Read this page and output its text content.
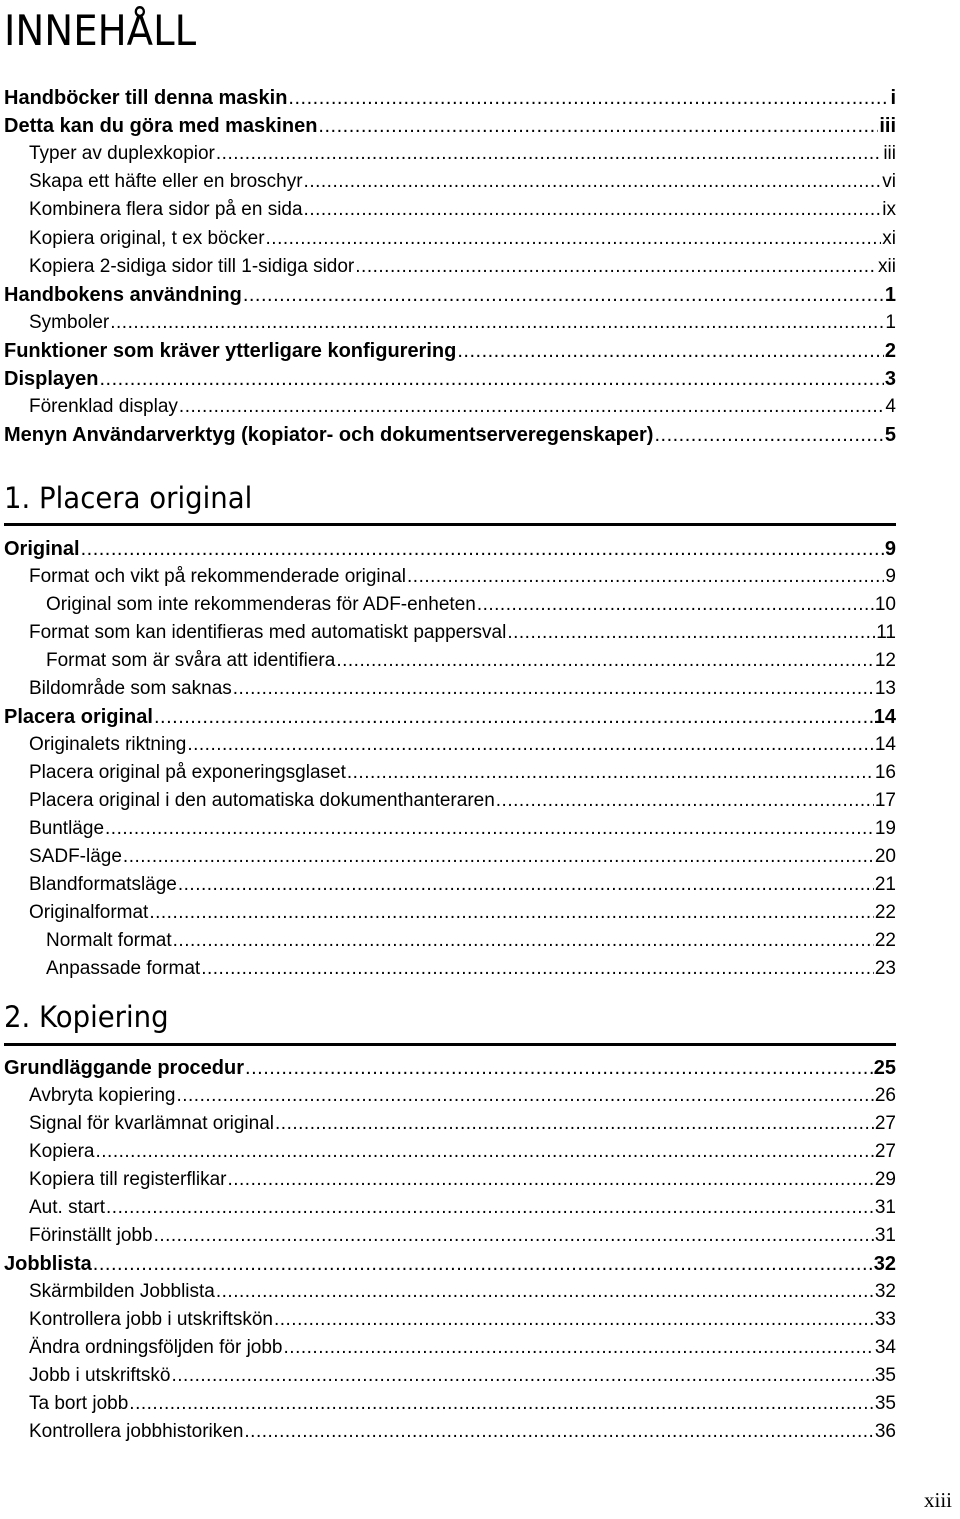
INNEHÅLL
Handböcker till denna maskin .....	i
Detta kan du göra med maskinen .....	iii
Typer av duplexkopior .....	iii
Skapa ett häfte eller en broschyr .....	vi
Kombinera flera sidor på en sida .....	ix
Kopiera original, t ex böcker .....	xi
Kopiera 2-sidiga sidor till 1-sidiga sidor .....	xii
Handbokens användning .....	1
Symboler .....	1
Funktioner som kräver ytterligare konfigurering .....	2
Displayen .....	3
Förenklad display .....	4
Menyn Användarverktyg (kopiator- och dokumentserveregenskaper) .....	5
1. Placera original
Original .....	9
Format och vikt på rekommenderade original .....	9
Original som inte rekommenderas för ADF-enheten .....	10
Format som kan identifieras med automatiskt pappersval .....	11
Format som är svåra att identifiera .....	12
Bildområde som saknas .....	13
Placera original .....	14
Originalets riktning .....	14
Placera original på exponeringsglaset .....	16
Placera original i den automatiska dokumenthanteraren .....	17
Buntläge .....	19
SADF-läge .....	20
Blandformatsläge .....	21
Originalformat .....	22
Normalt format .....	22
Anpassade format .....	23
2. Kopiering
Grundläggande procedur .....	25
Avbryta kopiering .....	26
Signal för kvarlämnat original .....	27
Kopiera .....	27
Kopiera till registerflikar .....	29
Aut. start .....	31
Förinställt jobb .....	31
Jobblista .....	32
Skärmbilden Jobblista .....	32
Kontrollera jobb i utskriftskön .....	33
Ändra ordningsföljden för jobb .....	34
Jobb i utskriftskö .....	35
Ta bort jobb .....	35
Kontrollera jobbhistoriken .....	36
xiii
